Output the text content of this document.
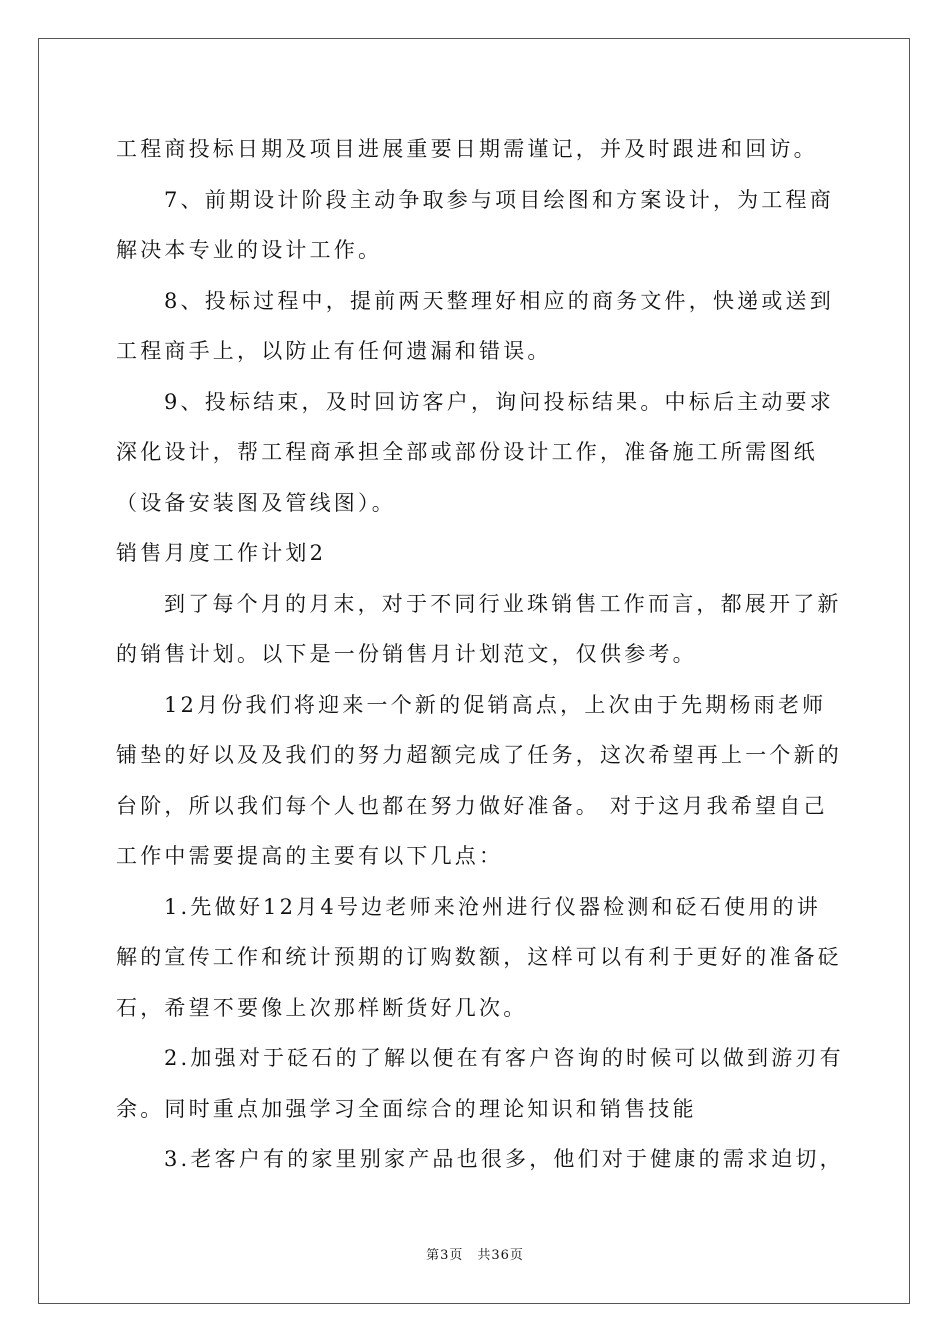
工程商投标日期及项目进展重要日期需谨记，并及时跟进和回访。
7、前期设计阶段主动争取参与项目绘图和方案设计，为工程商
解决本专业的设计工作。
8、投标过程中，提前两天整理好相应的商务文件，快递或送到
工程商手上，以防止有任何遗漏和错误。
9、投标结束，及时回访客户，询问投标结果。中标后主动要求
深化设计，帮工程商承担全部或部份设计工作，准备施工所需图纸
（设备安装图及管线图）。
销售月度工作计划2
到了每个月的月末，对于不同行业珠销售工作而言，都展开了新
的销售计划。以下是一份销售月计划范文，仅供参考。
12月份我们将迎来一个新的促销高点，上次由于先期杨雨老师
铺垫的好以及及我们的努力超额完成了任务，这次希望再上一个新的
台阶，所以我们每个人也都在努力做好准备。 对于这月我希望自己
工作中需要提高的主要有以下几点：
1.先做好12月4号边老师来沧州进行仪器检测和砭石使用的讲
解的宣传工作和统计预期的订购数额，这样可以有利于更好的准备砭
石，希望不要像上次那样断货好几次。
2.加强对于砭石的了解以便在有客户咨询的时候可以做到游刃有
余。同时重点加强学习全面综合的理论知识和销售技能
3.老客户有的家里别家产品也很多，他们对于健康的需求迫切，
第3页　共36页
